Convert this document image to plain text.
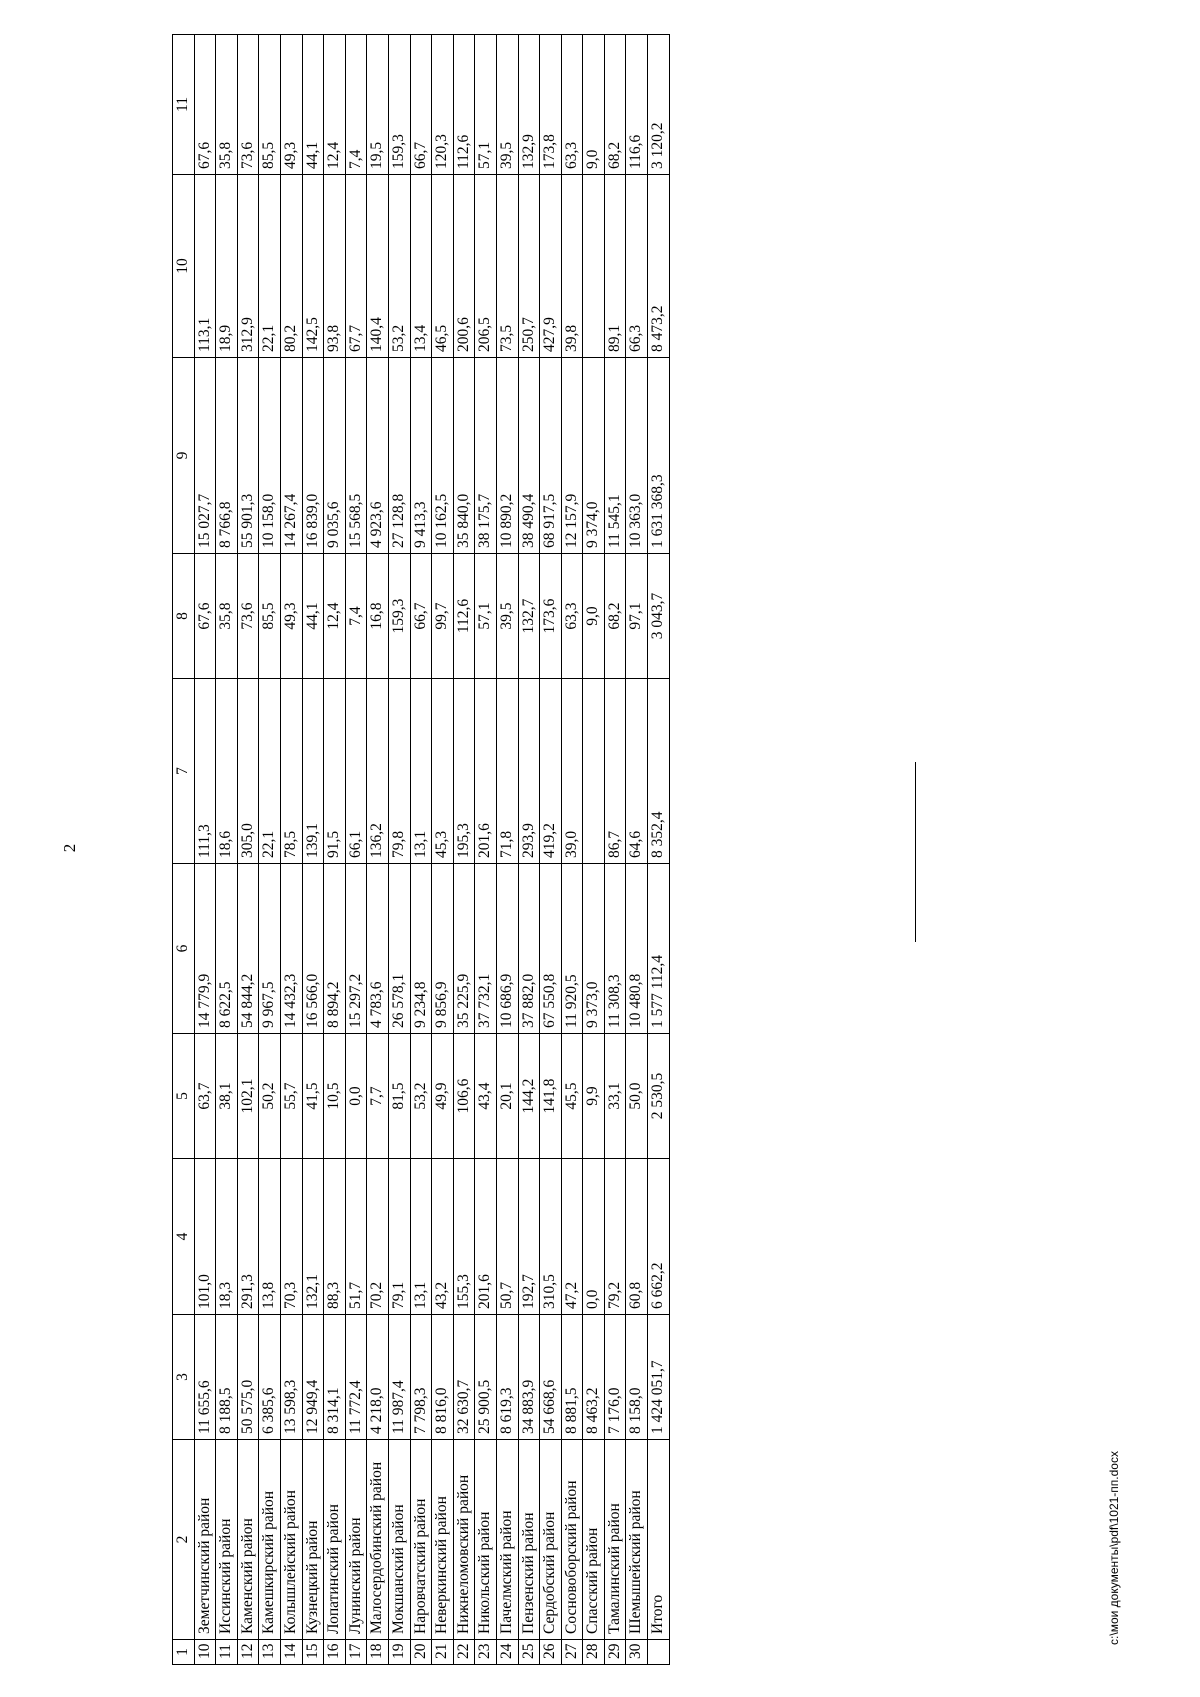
2
1	2	3	4	5	6	7	8	9	10	11
10	Земетчинский район	11 655,6	101,0	63,7	14 779,9	111,3	67,6	15 027,7	113,1	67,6
11	Иссинский район	8 188,5	18,3	38,1	8 622,5	18,6	35,8	8 766,8	18,9	35,8
12	Каменский район	50 575,0	291,3	102,1	54 844,2	305,0	73,6	55 901,3	312,9	73,6
13	Камешкирский район	6 385,6	13,8	50,2	9 967,5	22,1	85,5	10 158,0	22,1	85,5
14	Колышлейский район	13 598,3	70,3	55,7	14 432,3	78,5	49,3	14 267,4	80,2	49,3
15	Кузнецкий район	12 949,4	132,1	41,5	16 566,0	139,1	44,1	16 839,0	142,5	44,1
16	Лопатинский район	8 314,1	88,3	10,5	8 894,2	91,5	12,4	9 035,6	93,8	12,4
17	Лунинский район	11 772,4	51,7	0,0	15 297,2	66,1	7,4	15 568,5	67,7	7,4
18	Малосердобинский район	4 218,0	70,2	7,7	4 783,6	136,2	16,8	4 923,6	140,4	19,5
19	Мокшанский район	11 987,4	79,1	81,5	26 578,1	79,8	159,3	27 128,8	53,2	159,3
20	Наровчатский район	7 798,3	13,1	53,2	9 234,8	13,1	66,7	9 413,3	13,4	66,7
21	Неверкинский район	8 816,0	43,2	49,9	9 856,9	45,3	99,7	10 162,5	46,5	120,3
22	Нижнеломовский район	32 630,7	155,3	106,6	35 225,9	195,3	112,6	35 840,0	200,6	112,6
23	Никольский район	25 900,5	201,6	43,4	37 732,1	201,6	57,1	38 175,7	206,5	57,1
24	Пачелмский район	8 619,3	50,7	20,1	10 686,9	71,8	39,5	10 890,2	73,5	39,5
25	Пензенский район	34 883,9	192,7	144,2	37 882,0	293,9	132,7	38 490,4	250,7	132,9
26	Сердобский район	54 668,6	310,5	141,8	67 550,8	419,2	173,6	68 917,5	427,9	173,8
27	Сосновоборский район	8 881,5	47,2	45,5	11 920,5	39,0	63,3	12 157,9	39,8	63,3
28	Спасский район	8 463,2	0,0	9,9	9 373,0		9,0	9 374,0		9,0
29	Тамалинский район	7 176,0	79,2	33,1	11 308,3	86,7	68,2	11 545,1	89,1	68,2
30	Шемышейский район	8 158,0	60,8	50,0	10 480,8	64,6	97,1	10 363,0	66,3	116,6
	Итого	1 424 051,7	6 662,2	2 530,5	1 577 112,4	8 352,4	3 043,7	1 631 368,3	8 473,2	3 120,2
c:\мои документы\pdf\1021-пп.docx
